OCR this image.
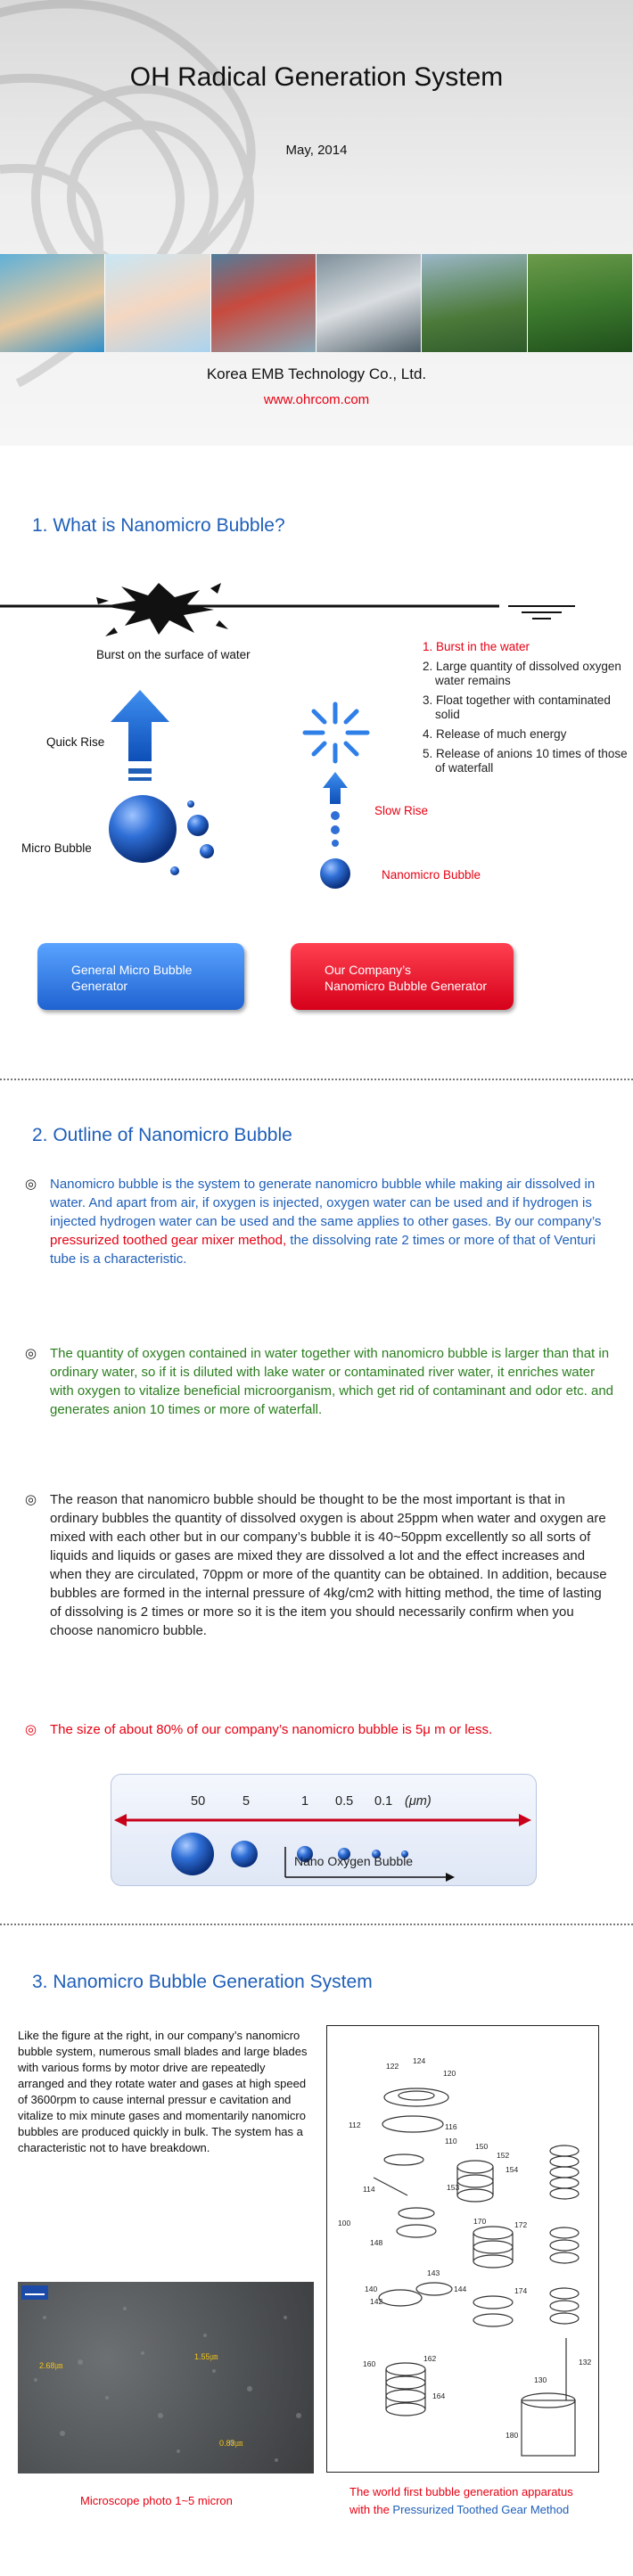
OH Radical Generation System
May, 2014
Korea EMB Technology Co., Ltd.
www.ohrcom.com
1. What is Nanomicro Bubble?
Burst on the surface of water
Quick Rise
Micro Bubble
Slow Rise
Nanomicro Bubble
1. Burst in the water
2. Large quantity of dissolved oxygen water remains
3. Float together with contaminated solid
4. Release of much energy
5. Release of anions 10 times of those of waterfall
General Micro Bubble
Generator
Our Company’s
Nanomicro Bubble Generator
2. Outline of Nanomicro Bubble
◎ Nanomicro bubble is the system to generate nanomicro bubble while making air dissolved in water. And apart from air, if oxygen is injected, oxygen water can be used and if hydrogen is injected hydrogen water can be used and the same applies to other gases. By our company’s pressurized toothed gear mixer method, the dissolving rate 2 times or more of that of Venturi tube is a characteristic.
◎ The quantity of oxygen contained in water together with nanomicro bubble is larger than that in ordinary water, so if it is diluted with lake water or contaminated river water, it enriches water with oxygen to vitalize beneficial microorganism, which get rid of contaminant and odor etc. and generates anion 10 times or more of waterfall.
◎ The reason that nanomicro bubble should be thought to be the most important is that in ordinary bubbles the quantity of dissolved oxygen is about 25ppm when water and oxygen are mixed with each other but in our company’s bubble it is 40~50ppm excellently so all sorts of liquids and liquids or gases are mixed they are dissolved a lot and the effect increases and when they are circulated, 70ppm or more of the quantity can be obtained. In addition, because bubbles are formed in the internal pressure of 4kg/cm2 with hitting method, the time of lasting of dissolving is 2 times or more so it is the item you should necessarily confirm when you choose nanomicro bubble.
◎ The size of about 80% of our company’s nanomicro bubble is 5μ m or less.
50	5	1 0.5 0.1 (μm)
Nano Oxygen Bubble
3. Nanomicro Bubble Generation System
Like the figure at the right, in our company’s nanomicro bubble system, numerous small blades and large blades with various forms by motor drive are repeatedly arranged and they rotate water and gases at high speed of 3600rpm to cause internal pressur e cavitation and vitalize to mix minute gases and momentarily nanomicro bubbles are produced quickly in bulk. The system has a characteristic not to have breakdown.
2.68㎛
1.55㎛
0.83㎛
Microscope photo 1~5 micron
122
124
120
112	116
110
114
150
152
154
100
148
153
170	172
143
174
140
142
144
160
162
164
130
132
180
The world first bubble generation apparatus
with the Pressurized Toothed Gear Method
